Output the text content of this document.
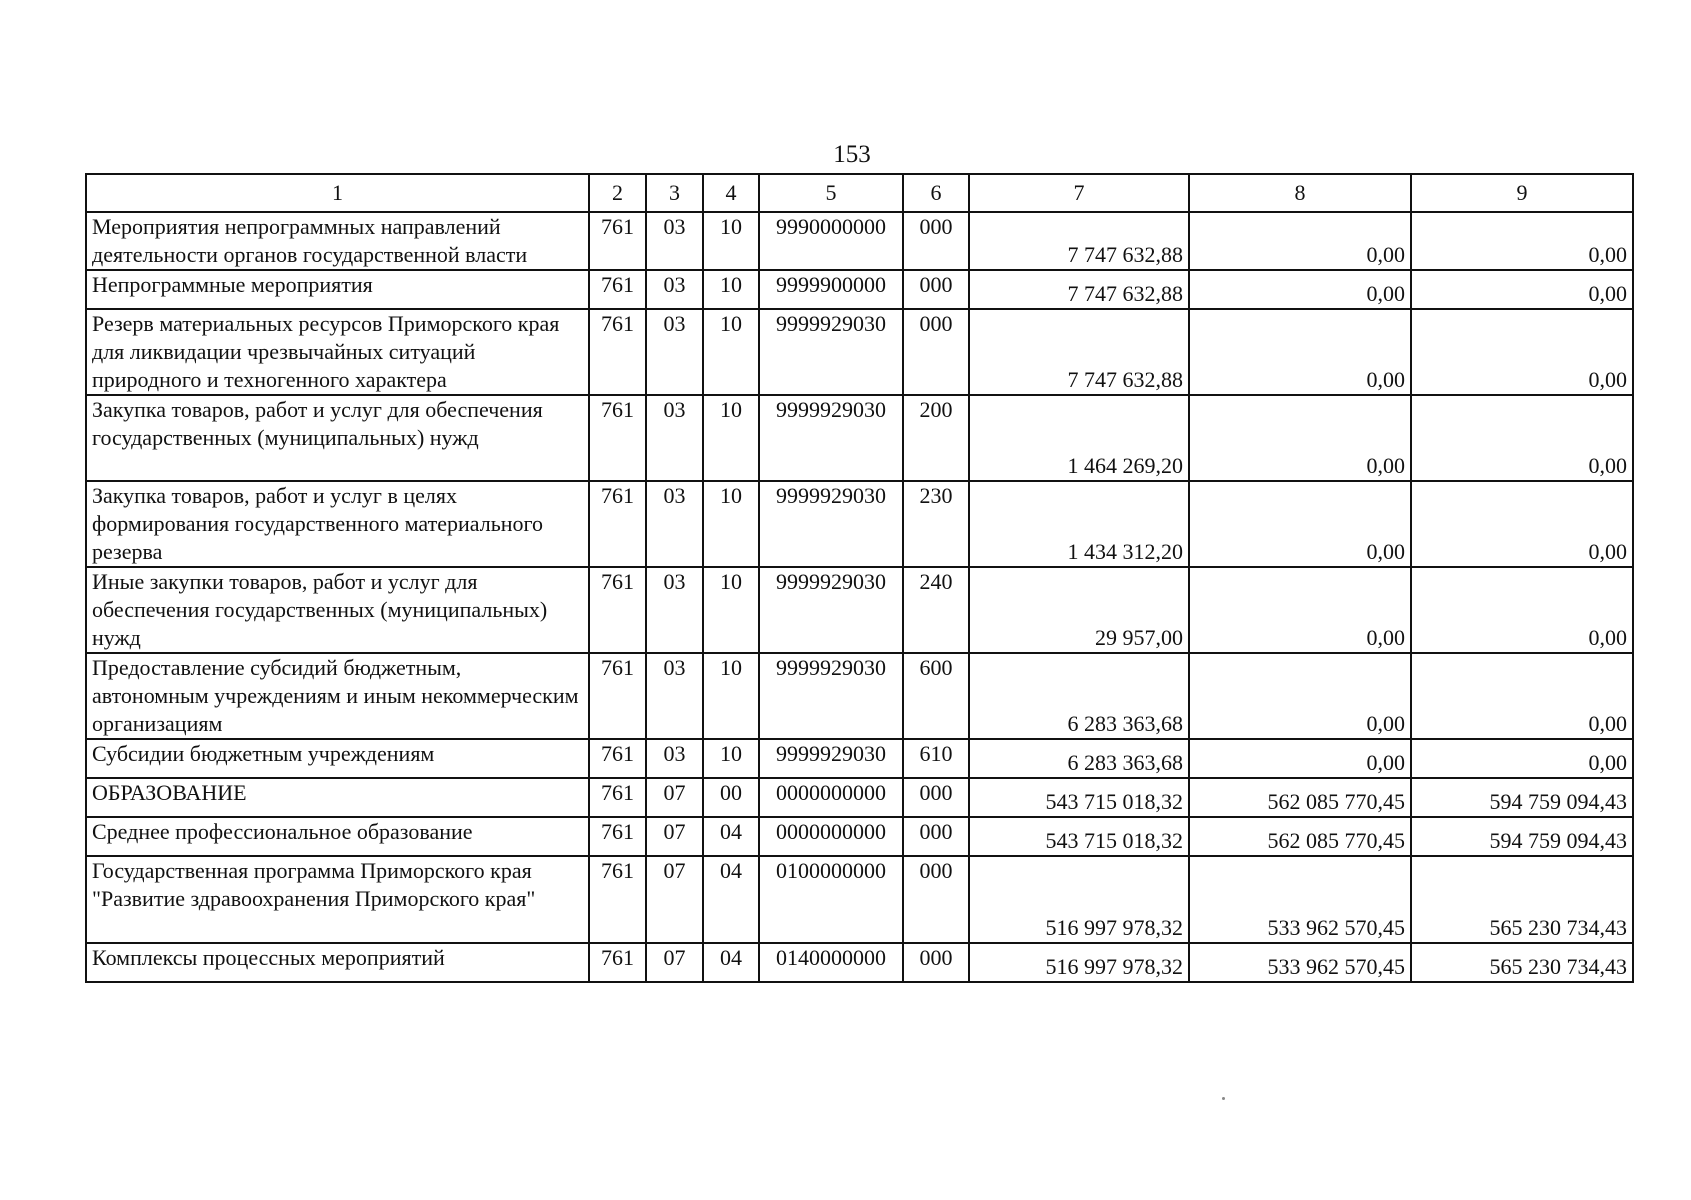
153
1	2	3	4	5	6	7	8	9
Мероприятия непрограммных направлений деятельности органов государственной власти	761	03	10	9990000000	000	7 747 632,88	0,00	0,00
Непрограммные мероприятия	761	03	10	9999900000	000	7 747 632,88	0,00	0,00
Резерв материальных ресурсов Приморского края для ликвидации чрезвычайных ситуаций природного и техногенного характера	761	03	10	9999929030	000	7 747 632,88	0,00	0,00
Закупка товаров, работ и услуг для обеспечения государственных (муниципальных) нужд	761	03	10	9999929030	200	1 464 269,20	0,00	0,00
Закупка товаров, работ и услуг в целях формирования государственного материального резерва	761	03	10	9999929030	230	1 434 312,20	0,00	0,00
Иные закупки товаров, работ и услуг для обеспечения государственных (муниципальных) нужд	761	03	10	9999929030	240	29 957,00	0,00	0,00
Предоставление субсидий бюджетным, автономным учреждениям и иным некоммерческим организациям	761	03	10	9999929030	600	6 283 363,68	0,00	0,00
Субсидии бюджетным учреждениям	761	03	10	9999929030	610	6 283 363,68	0,00	0,00
ОБРАЗОВАНИЕ	761	07	00	0000000000	000	543 715 018,32	562 085 770,45	594 759 094,43
Среднее профессиональное образование	761	07	04	0000000000	000	543 715 018,32	562 085 770,45	594 759 094,43
Государственная программа Приморского края "Развитие здравоохранения Приморского края"	761	07	04	0100000000	000	516 997 978,32	533 962 570,45	565 230 734,43
Комплексы процессных мероприятий	761	07	04	0140000000	000	516 997 978,32	533 962 570,45	565 230 734,43
